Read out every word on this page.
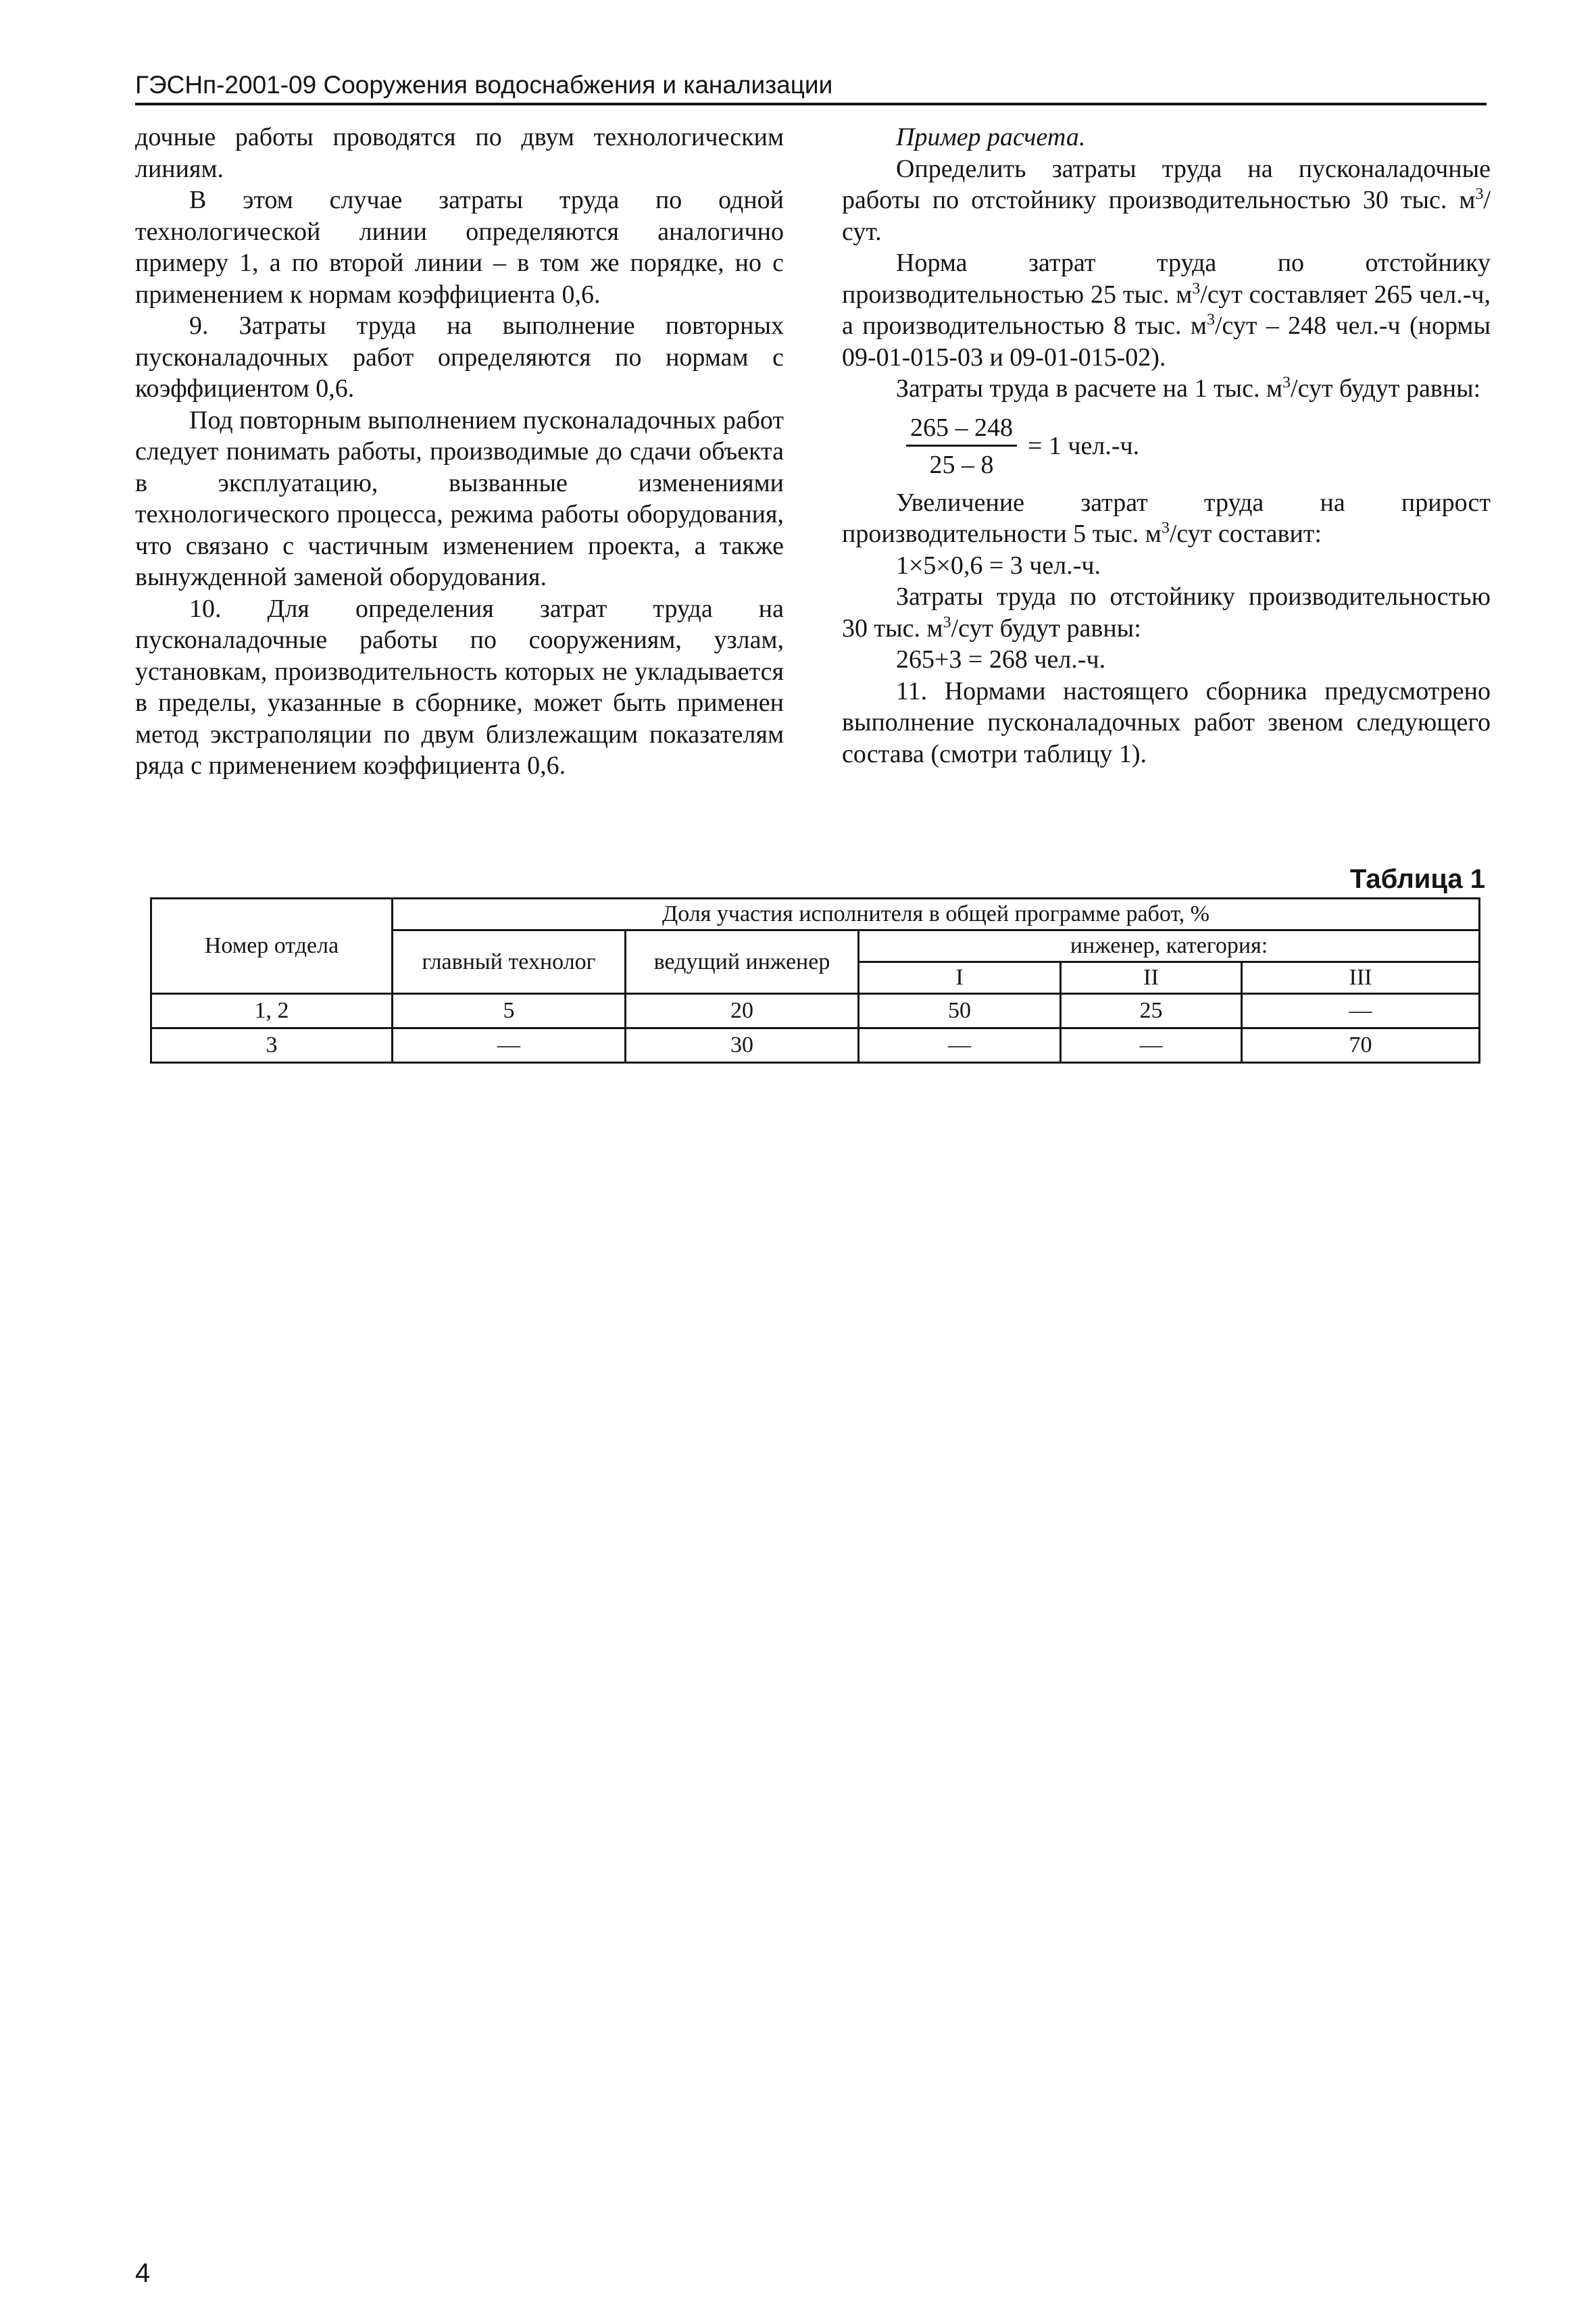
ГЭСНп-2001-09 Сооружения водоснабжения и канализации

дочные работы проводятся по двум технологическим линиям.

В этом случае затраты труда по одной технологической линии определяются аналогично примеру 1, а по второй линии – в том же порядке, но с применением к нормам коэффициента 0,6.

9. Затраты труда на выполнение повторных пусконаладочных работ определяются по нормам с коэффициентом 0,6.

Под повторным выполнением пусконаладочных работ следует понимать работы, производимые до сдачи объекта в эксплуатацию, вызванные изменениями технологического процесса, режима работы оборудования, что связано с частичным изменением проекта, а также вынужденной заменой оборудования.

10. Для определения затрат труда на пусконаладочные работы по сооружениям, узлам, установкам, производительность которых не укладывается в пределы, указанные в сборнике, может быть применен метод экстраполяции по двум близлежащим показателям ряда с применением коэффициента 0,6.

Пример расчета.

Определить затраты труда на пусконаладочные работы по отстойнику производительностью 30 тыс. $м^3$/сут.

Норма затрат труда по отстойнику производительностью 25 тыс. $м^3$/сут составляет 265 чел.-ч, а производительностью 8 тыс. $м^3$/сут – 248 чел.-ч (нормы 09-01-015-03 и 09-01-015-02).

Затраты труда в расчете на 1 тыс. $м^3$/сут будут равны:

$\frac{265 - 248}{25 - 8} = 1$ чел.-ч.

Увеличение затрат труда на прирост производительности 5 тыс. $м^3$/сут составит:

1×5×0,6 = 3 чел.-ч.

Затраты труда по отстойнику производительностью 30 тыс. $м^3$/сут будут равны:

265+3 = 268 чел.-ч.

11. Нормами настоящего сборника предусмотрено выполнение пусконаладочных работ звеном следующего состава (смотри таблицу 1).

Таблица 1
Номер отдела	Доля участия исполнителя в общей программе работ, %				
	главный технолог	ведущий инженер	инженер, категория:		
			I	II	III
1, 2	5	20	50	25	—
3	—	30	—	—	70
4
